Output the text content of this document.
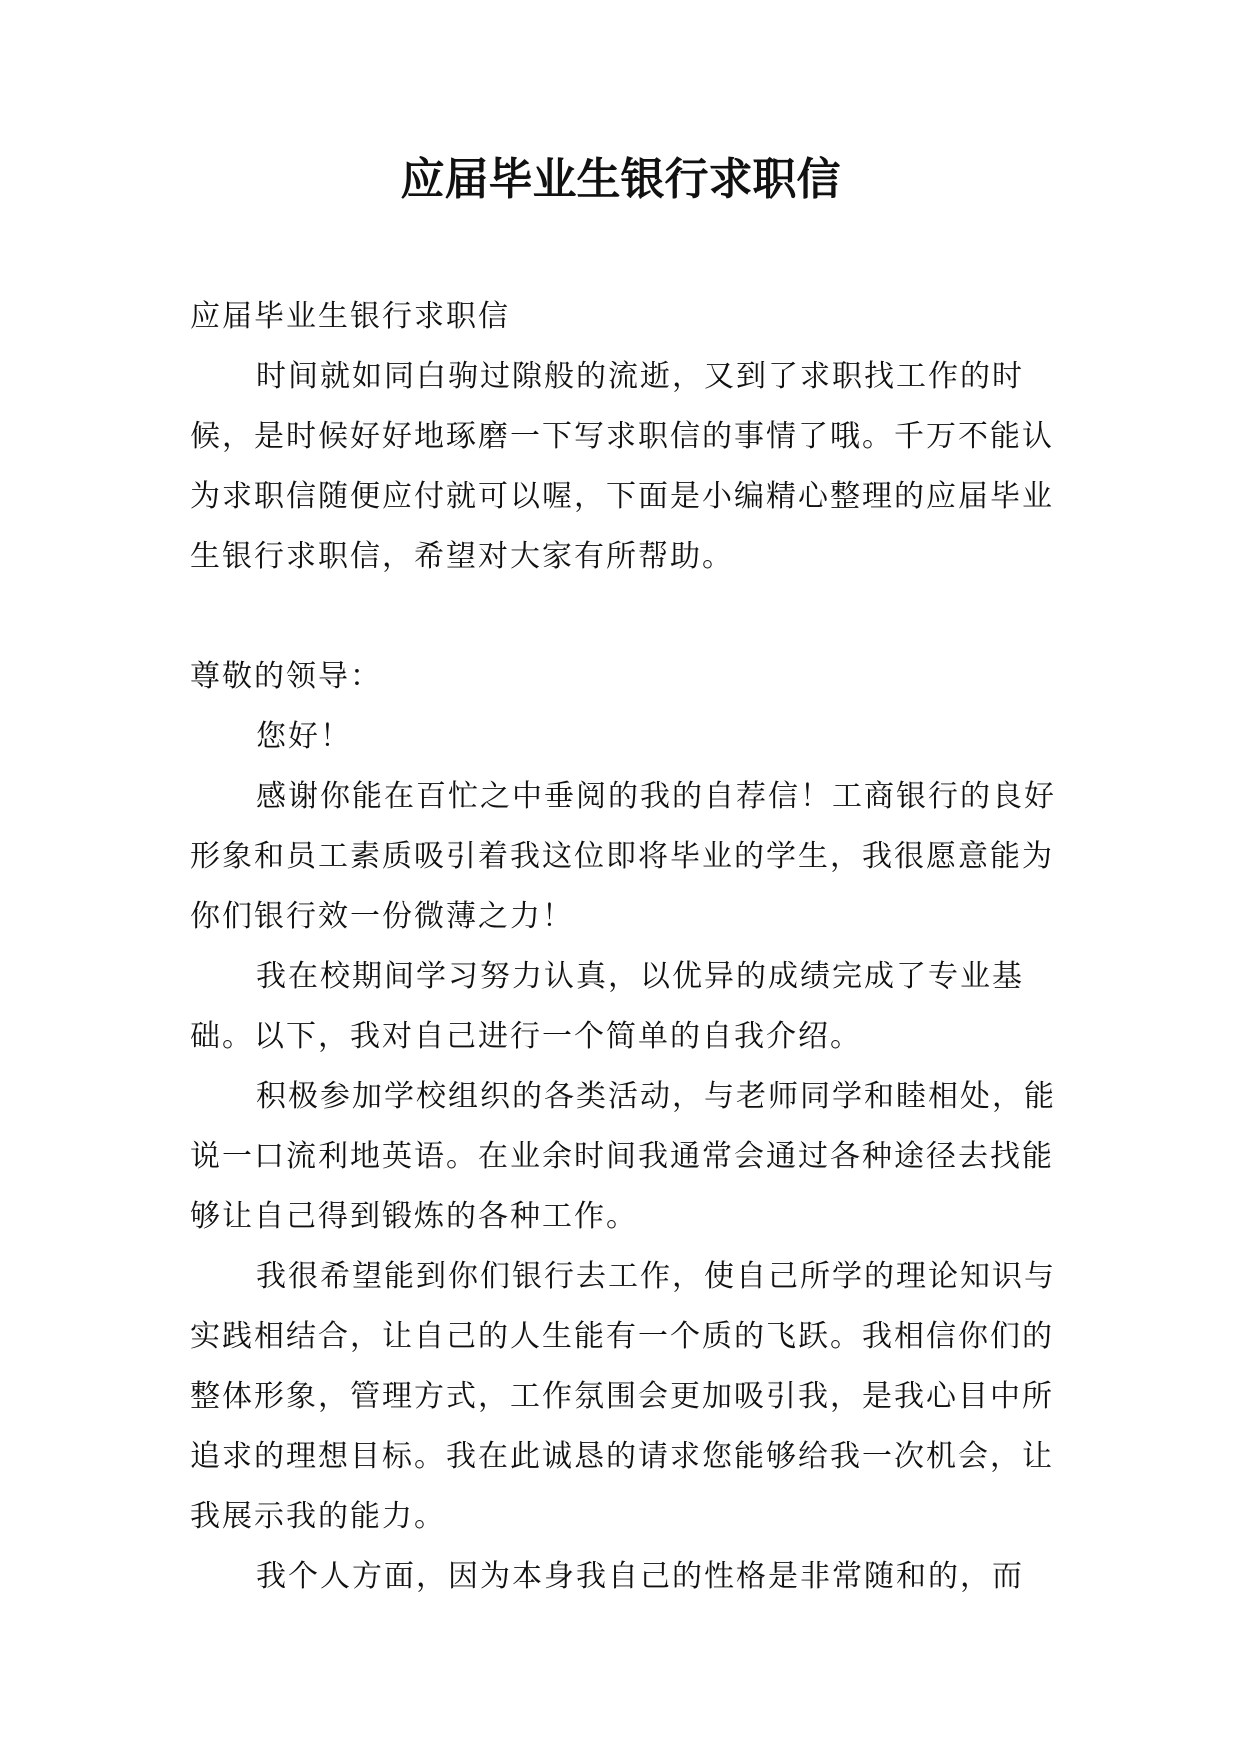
应届毕业生银行求职信

应届毕业生银行求职信

时间就如同白驹过隙般的流逝，又到了求职找工作的时候，是时候好好地琢磨一下写求职信的事情了哦。千万不能认为求职信随便应付就可以喔，下面是小编精心整理的应届毕业生银行求职信，希望对大家有所帮助。

尊敬的领导：

您好！

感谢你能在百忙之中垂阅的我的自荐信！工商银行的良好形象和员工素质吸引着我这位即将毕业的学生，我很愿意能为你们银行效一份微薄之力！

我在校期间学习努力认真，以优异的成绩完成了专业基础。以下，我对自己进行一个简单的自我介绍。

积极参加学校组织的各类活动，与老师同学和睦相处，能说一口流利地英语。在业余时间我通常会通过各种途径去找能够让自己得到锻炼的各种工作。

我很希望能到你们银行去工作，使自己所学的理论知识与实践相结合，让自己的人生能有一个质的飞跃。我相信你们的整体形象，管理方式，工作氛围会更加吸引我，是我心目中所追求的理想目标。我在此诚恳的请求您能够给我一次机会，让我展示我的能力。

我个人方面，因为本身我自己的性格是非常随和的，而
